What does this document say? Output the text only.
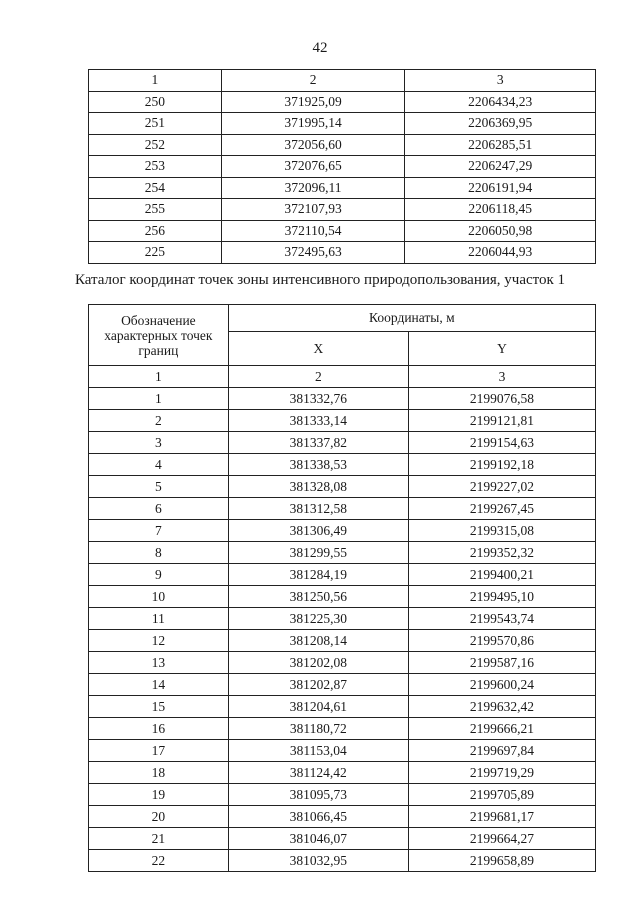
42
1	2	3
250	371925,09	2206434,23
251	371995,14	2206369,95
252	372056,60	2206285,51
253	372076,65	2206247,29
254	372096,11	2206191,94
255	372107,93	2206118,45
256	372110,54	2206050,98
225	372495,63	2206044,93
Каталог координат точек зоны интенсивного природопользования, участок 1
Обозначение характерных точек границ	Координаты, м	
	X	Y
1	2	3
1	381332,76	2199076,58
2	381333,14	2199121,81
3	381337,82	2199154,63
4	381338,53	2199192,18
5	381328,08	2199227,02
6	381312,58	2199267,45
7	381306,49	2199315,08
8	381299,55	2199352,32
9	381284,19	2199400,21
10	381250,56	2199495,10
11	381225,30	2199543,74
12	381208,14	2199570,86
13	381202,08	2199587,16
14	381202,87	2199600,24
15	381204,61	2199632,42
16	381180,72	2199666,21
17	381153,04	2199697,84
18	381124,42	2199719,29
19	381095,73	2199705,89
20	381066,45	2199681,17
21	381046,07	2199664,27
22	381032,95	2199658,89
